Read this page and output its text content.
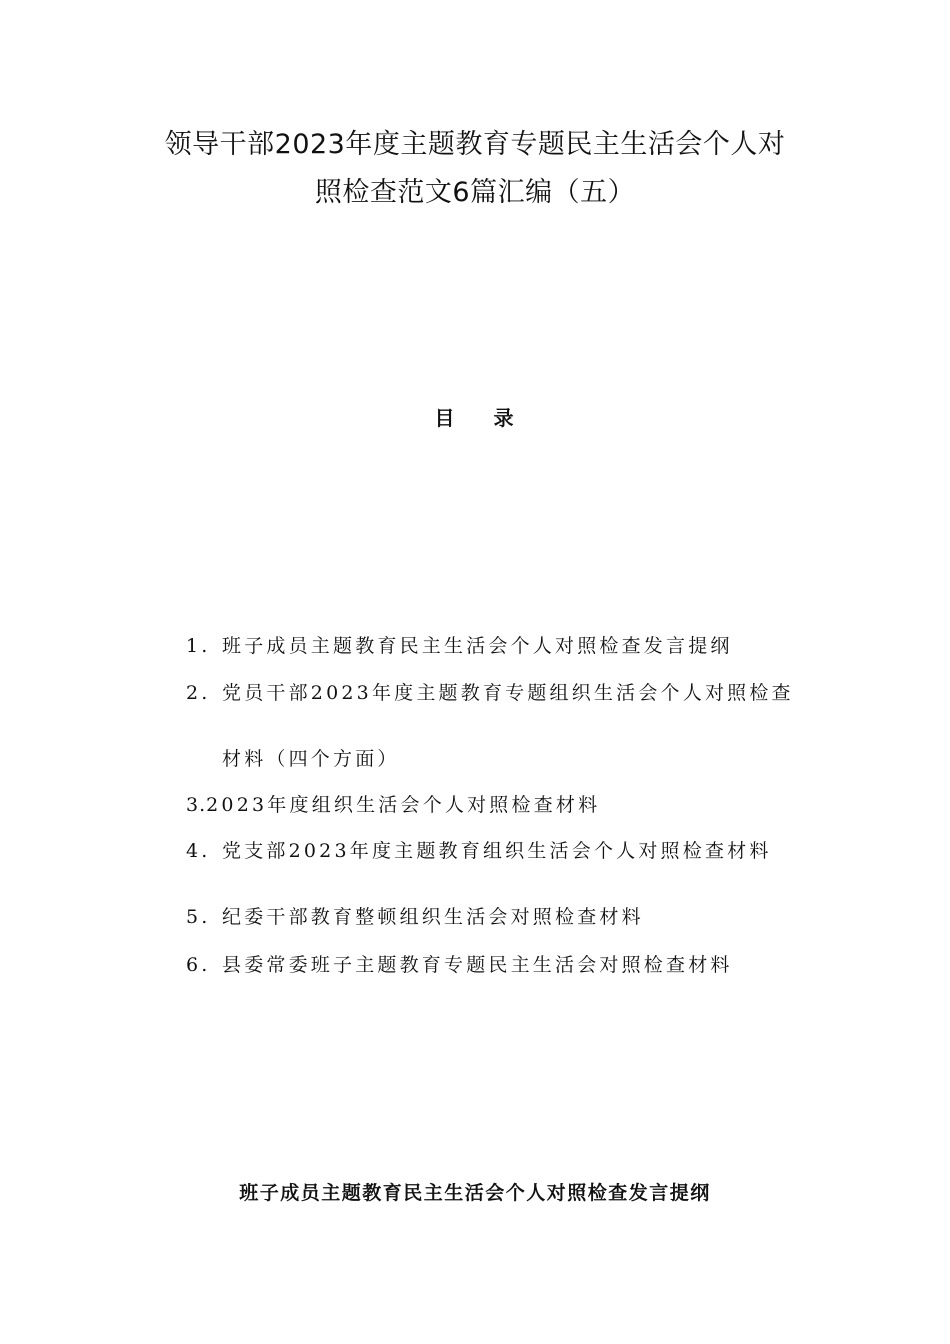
领导干部2023年度主题教育专题民主生活会个人对
照检查范文6篇汇编（五）
目 录
1. 班子成员主题教育民主生活会个人对照检查发言提纲
2. 党员干部2023年度主题教育专题组织生活会个人对照检查
材料（四个方面）
3.2023年度组织生活会个人对照检查材料
4. 党支部2023年度主题教育组织生活会个人对照检查材料
5. 纪委干部教育整顿组织生活会对照检查材料
6. 县委常委班子主题教育专题民主生活会对照检查材料
班子成员主题教育民主生活会个人对照检查发言提纲
